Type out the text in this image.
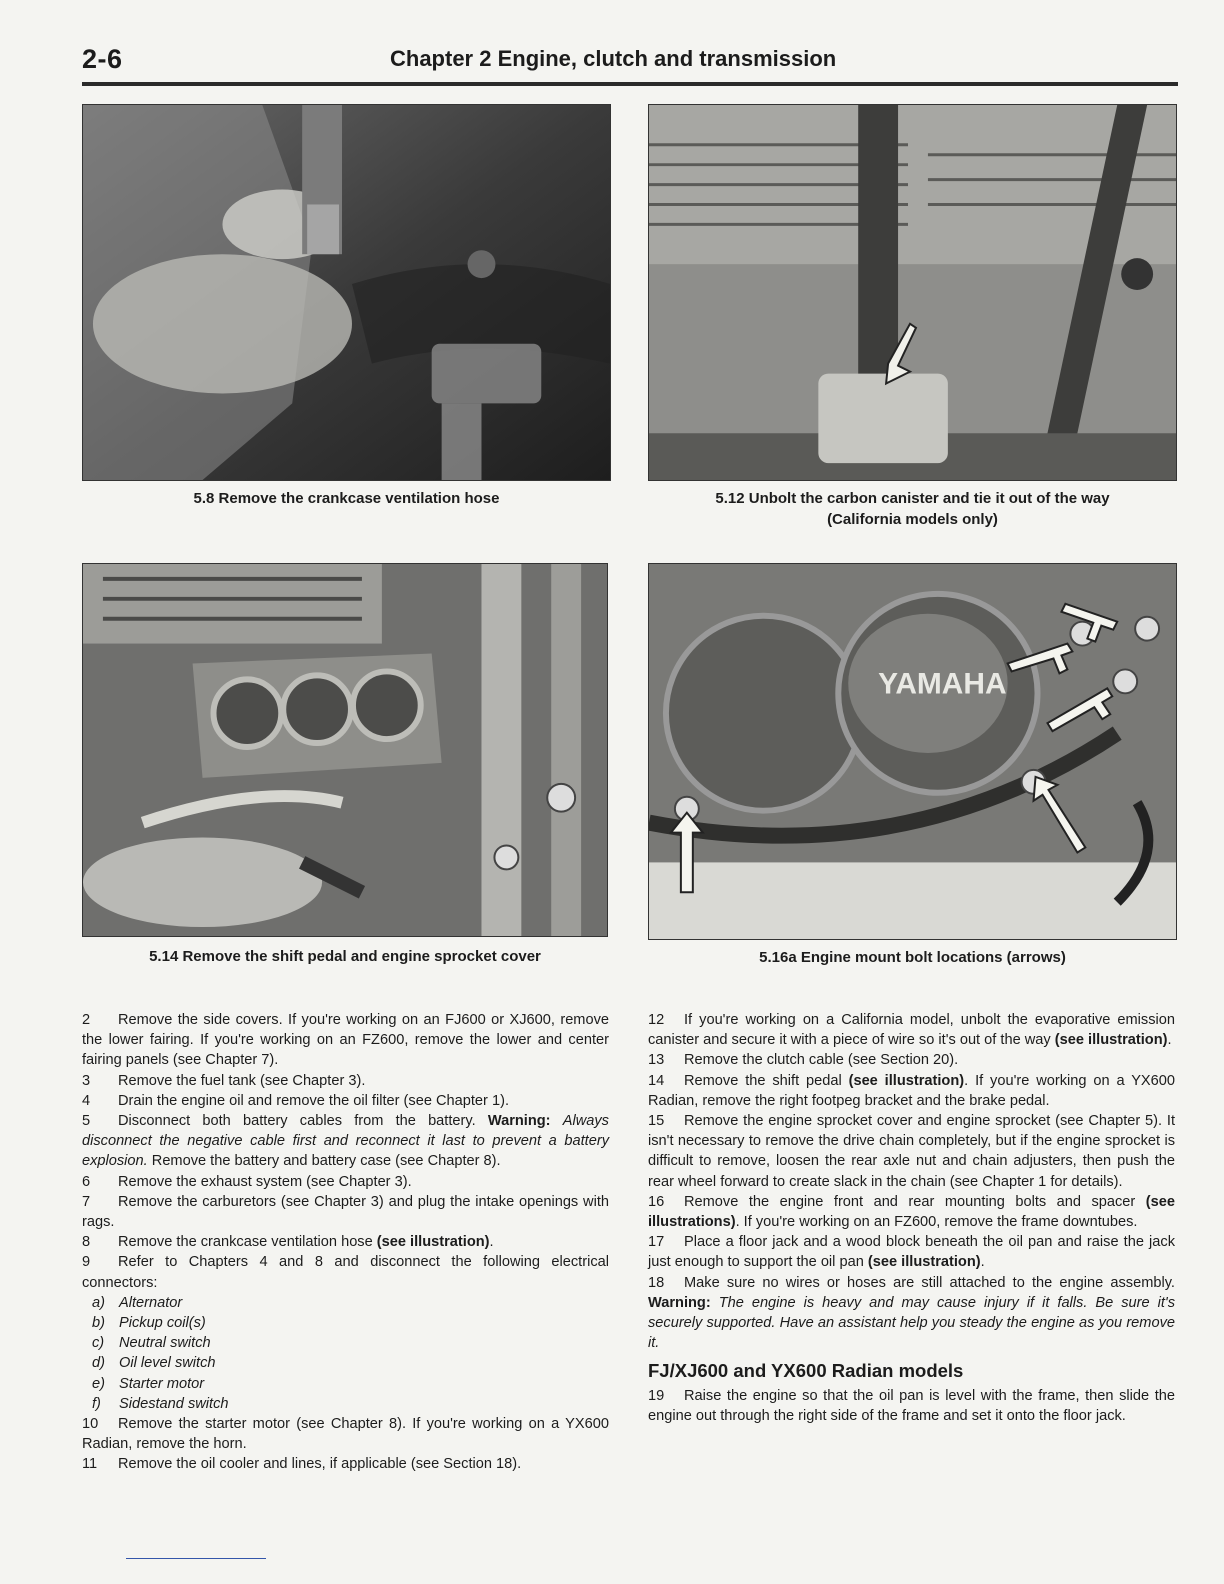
2-6	Chapter 2 Engine, clutch and transmission
5.8 Remove the crankcase ventilation hose	5.12 Unbolt the carbon canister and tie it out of the way
(California models only)
5.14 Remove the shift pedal and engine sprocket cover
YAMAHA
5.16a Engine mount bolt locations (arrows)

2 Remove the side covers. If you're working on an FJ600 or XJ600, remove the lower fairing. If you're working on an FZ600, remove the lower and center fairing panels (see Chapter 7).

3 Remove the fuel tank (see Chapter 3).

4 Drain the engine oil and remove the oil filter (see Chapter 1).

5 Disconnect both battery cables from the battery. Warning: Always disconnect the negative cable first and reconnect it last to prevent a battery explosion. Remove the battery and battery case (see Chapter 8).

6 Remove the exhaust system (see Chapter 3).

7 Remove the carburetors (see Chapter 3) and plug the intake openings with rags.

8 Remove the crankcase ventilation hose (see illustration).

9 Refer to Chapters 4 and 8 and disconnect the following electrical connectors:

a) Alternator

b) Pickup coil(s)

c) Neutral switch

d) Oil level switch

e) Starter motor

f) Sidestand switch

10 Remove the starter motor (see Chapter 8). If you're working on a YX600 Radian, remove the horn.

11 Remove the oil cooler and lines, if applicable (see Section 18).

12 If you're working on a California model, unbolt the evaporative emission canister and secure it with a piece of wire so it's out of the way (see illustration).

13 Remove the clutch cable (see Section 20).

14 Remove the shift pedal (see illustration). If you're working on a YX600 Radian, remove the right footpeg bracket and the brake pedal.

15 Remove the engine sprocket cover and engine sprocket (see Chapter 5). It isn't necessary to remove the drive chain completely, but if the engine sprocket is difficult to remove, loosen the rear axle nut and chain adjusters, then push the rear wheel forward to create slack in the chain (see Chapter 1 for details).

16 Remove the engine front and rear mounting bolts and spacer (see illustrations). If you're working on an FZ600, remove the frame downtubes.

17 Place a floor jack and a wood block beneath the oil pan and raise the jack just enough to support the oil pan (see illustration).

18 Make sure no wires or hoses are still attached to the engine assembly. Warning: The engine is heavy and may cause injury if it falls. Be sure it's securely supported. Have an assistant help you steady the engine as you remove it.

FJ/XJ600 and YX600 Radian models

19 Raise the engine so that the oil pan is level with the frame, then slide the engine out through the right side of the frame and set it onto the floor jack.
